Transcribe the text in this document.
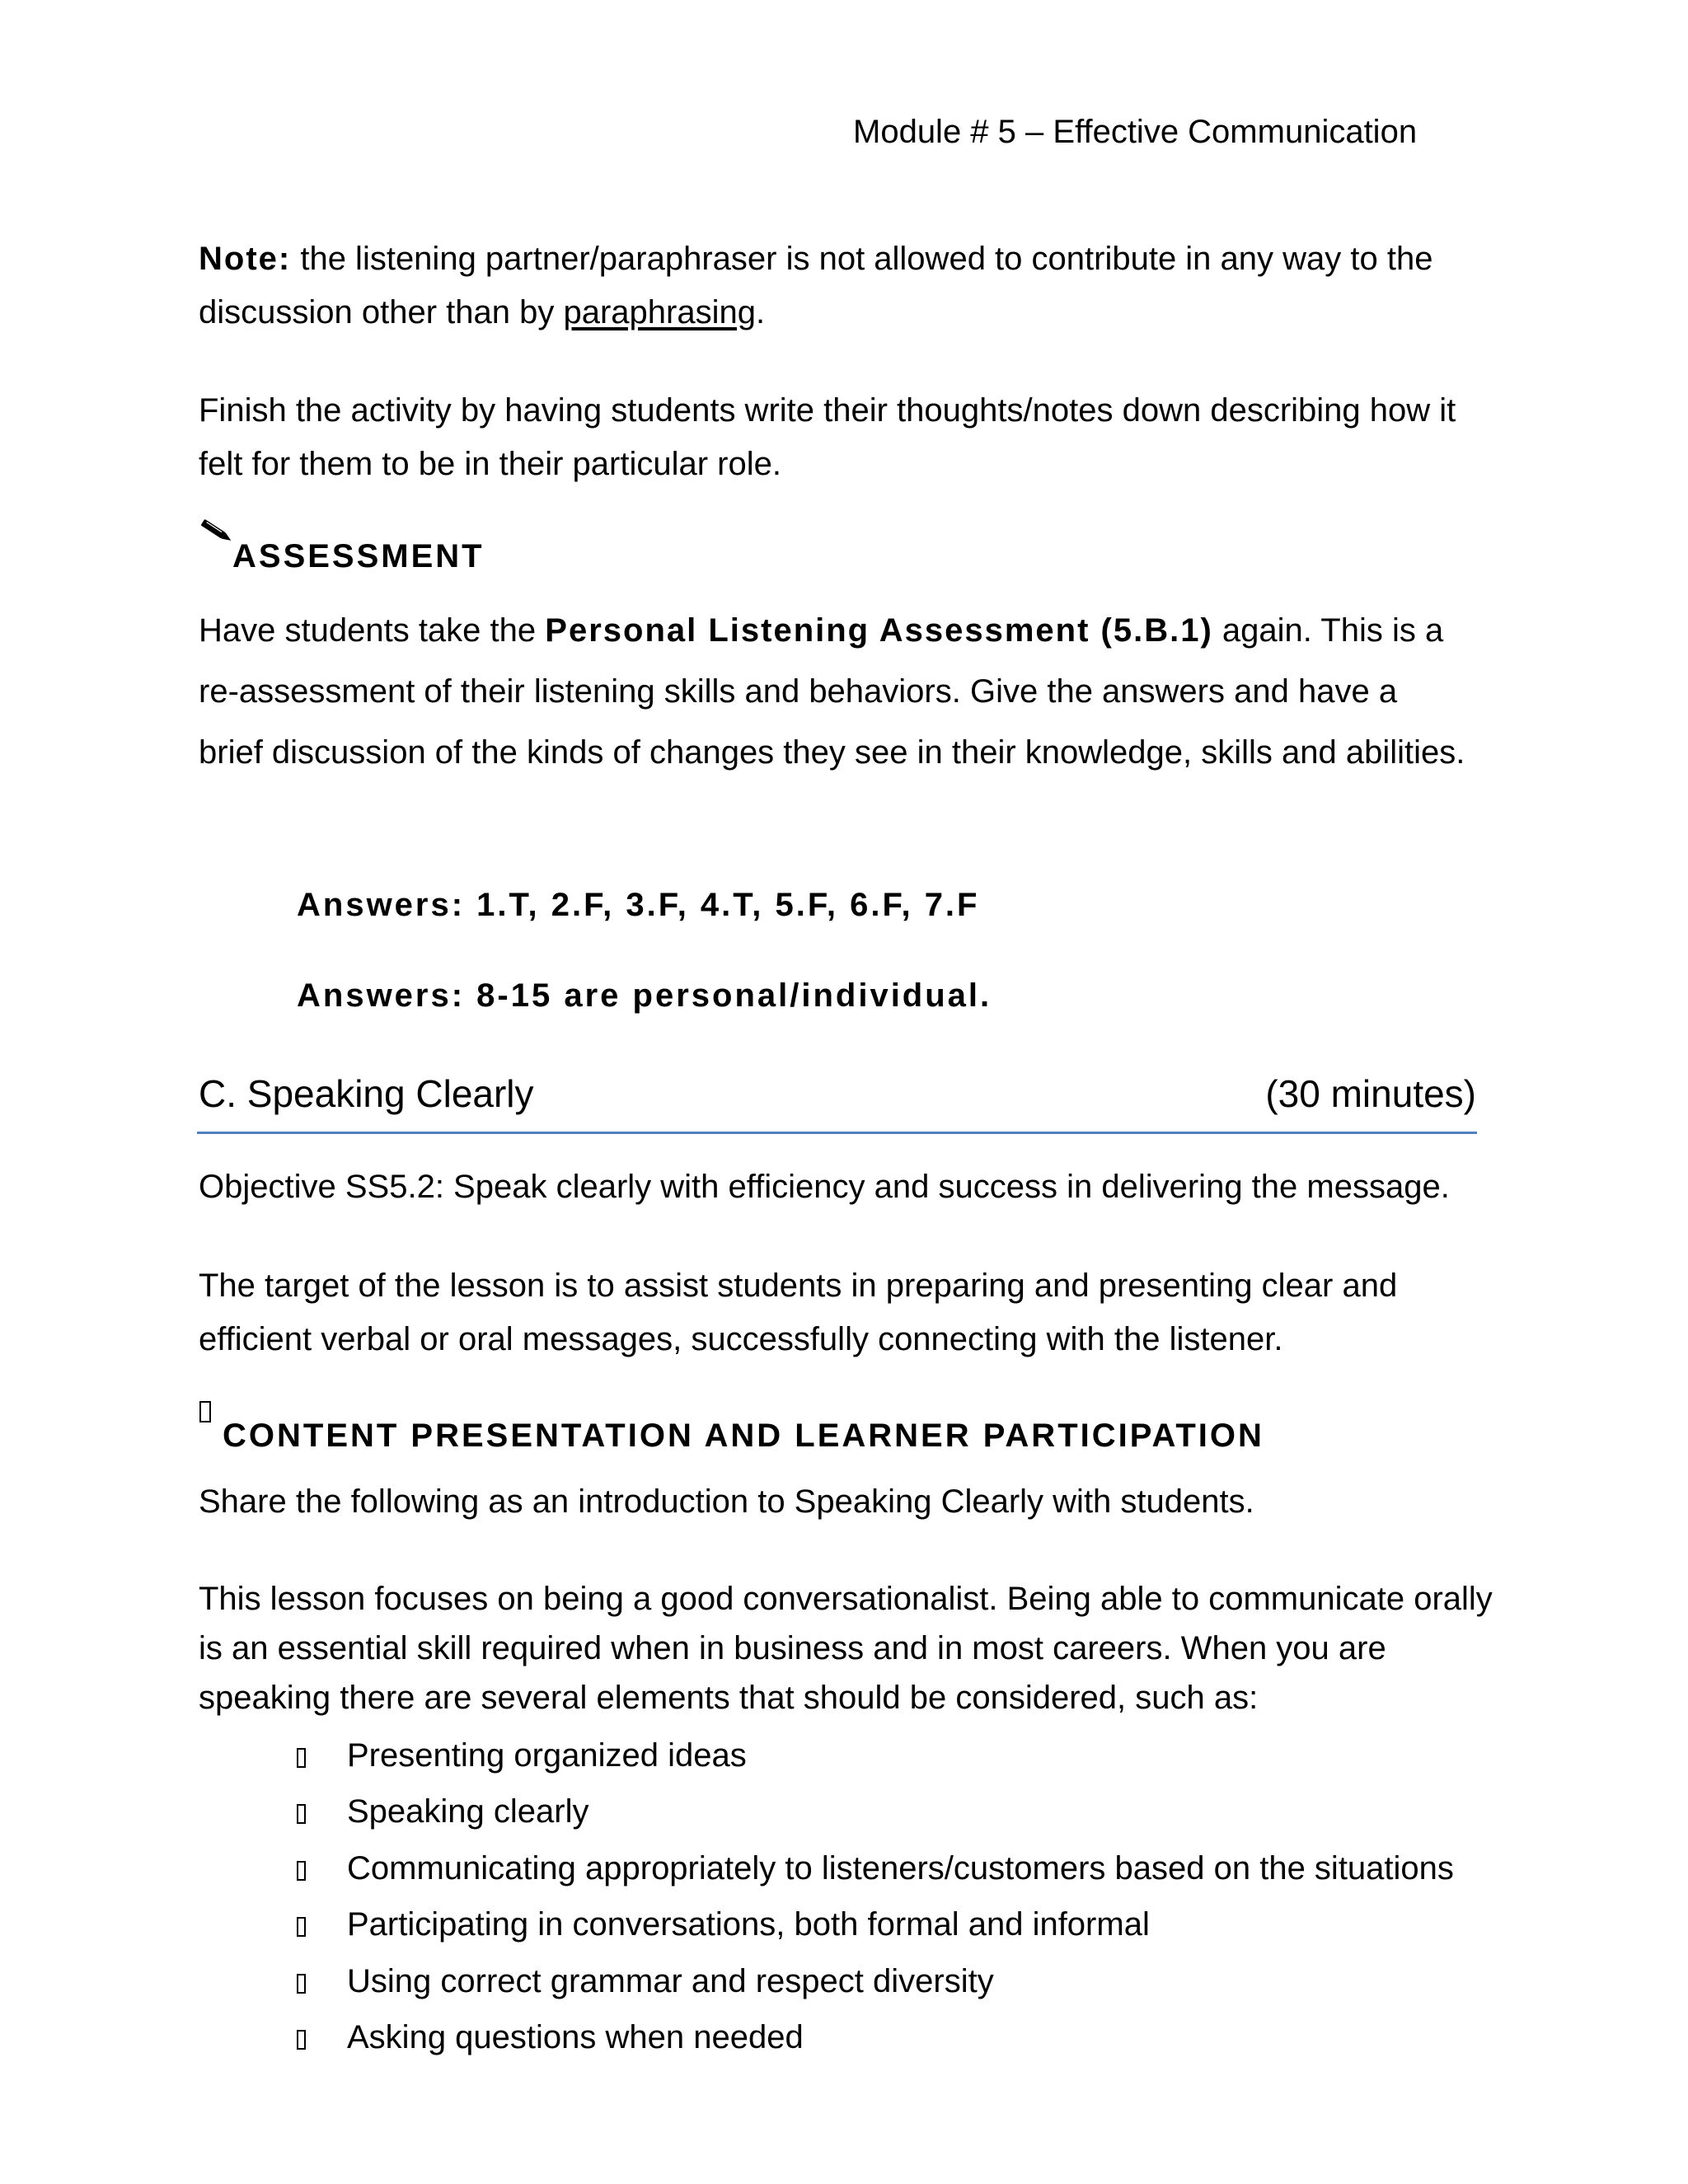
Module # 5 – Effective Communication
Note: the listening partner/paraphraser is not allowed to contribute in any way to the discussion other than by paraphrasing.
Finish the activity by having students write their thoughts/notes down describing how it felt for them to be in their particular role.
ASSESSMENT
Have students take the Personal Listening Assessment (5.B.1) again. This is a re-assessment of their listening skills and behaviors. Give the answers and have a brief discussion of the kinds of changes they see in their knowledge, skills and abilities.
Answers: 1.T, 2.F, 3.F, 4.T, 5.F, 6.F, 7.F
Answers: 8-15 are personal/individual.
C. Speaking Clearly	(30 minutes)
Objective SS5.2: Speak clearly with efficiency and success in delivering the message.
The target of the lesson is to assist students in preparing and presenting clear and efficient verbal or oral messages, successfully connecting with the listener.
CONTENT PRESENTATION AND LEARNER PARTICIPATION
Share the following as an introduction to Speaking Clearly with students.
This lesson focuses on being a good conversationalist. Being able to communicate orally is an essential skill required when in business and in most careers. When you are speaking there are several elements that should be considered, such as:
Presenting organized ideas
Speaking clearly
Communicating appropriately to listeners/customers based on the situations
Participating in conversations, both formal and informal
Using correct grammar and respect diversity
Asking questions when needed
